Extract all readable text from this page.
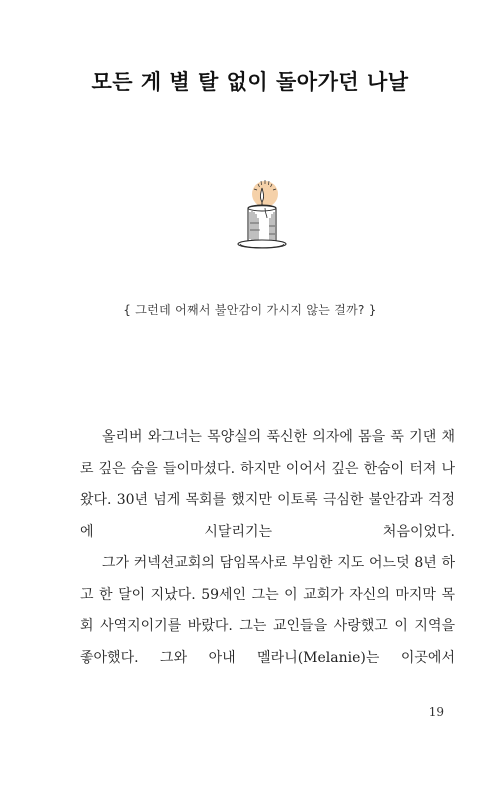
모든 게 별 탈 없이 돌아가던 나날
{ 그런데 어째서 불안감이 가시지 않는 걸까? }

올리버 와그너는 목양실의 푹신한 의자에 몸을 푹 기댄 채로 깊은 숨을 들이마셨다. 하지만 이어서 깊은 한숨이 터져 나왔다. 30년 넘게 목회를 했지만 이토록 극심한 불안감과 걱정에 시달리기는 처음이었다.

그가 커넥션교회의 담임목사로 부임한 지도 어느덧 8년 하고 한 달이 지났다. 59세인 그는 이 교회가 자신의 마지막 목회 사역지이기를 바랐다. 그는 교인들을 사랑했고 이 지역을 좋아했다. 그와 아내 멜라니(Melanie)는 이곳에서

19
